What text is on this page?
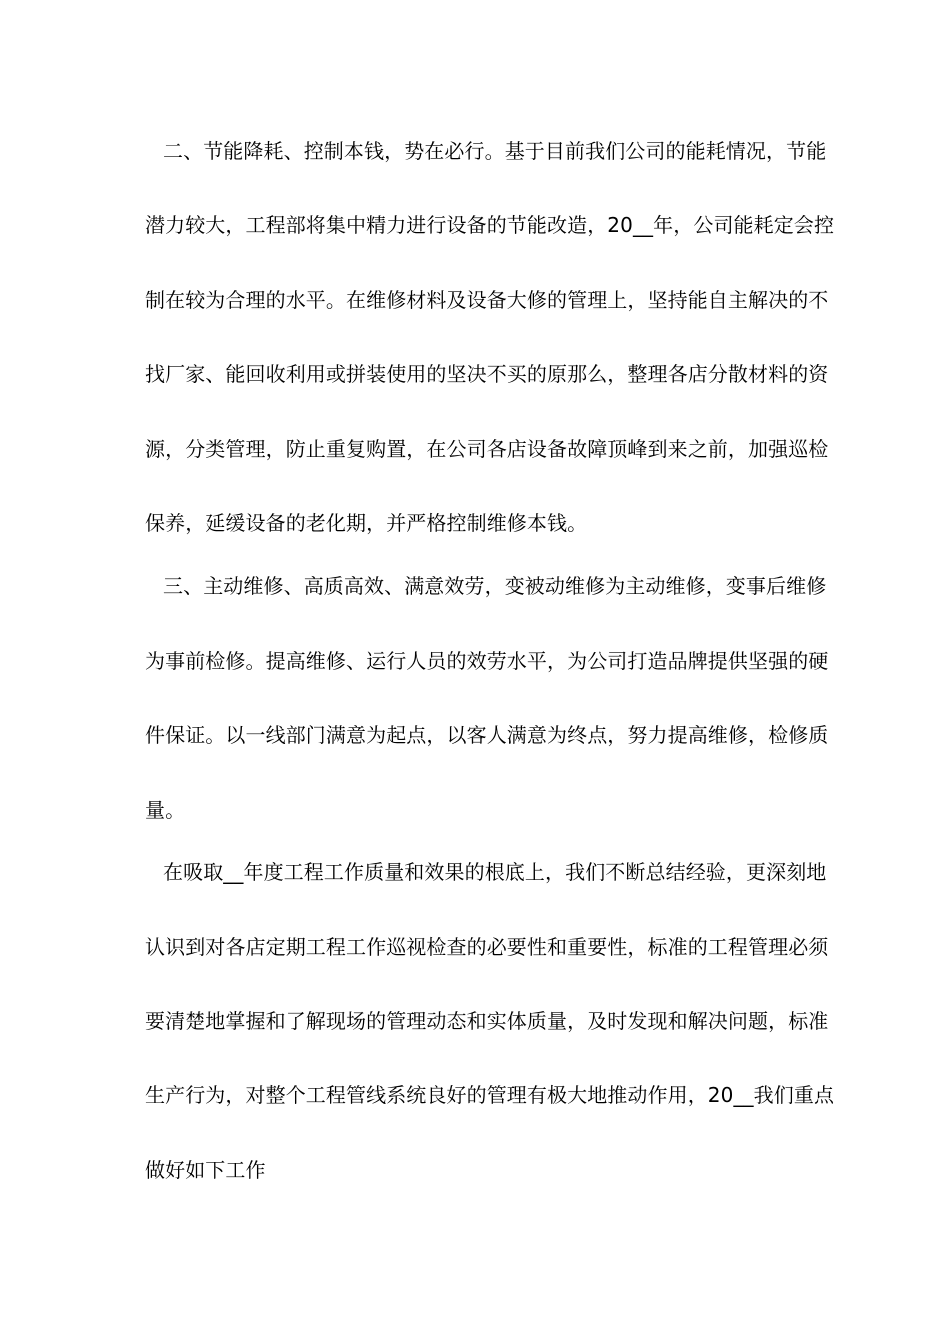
二、节能降耗、控制本钱，势在必行。基于目前我们公司的能耗情况，节能
潜力较大，工程部将集中精力进行设备的节能改造，20__年，公司能耗定会控
制在较为合理的水平。在维修材料及设备大修的管理上，坚持能自主解决的不
找厂家、能回收利用或拼装使用的坚决不买的原那么，整理各店分散材料的资
源，分类管理，防止重复购置，在公司各店设备故障顶峰到来之前，加强巡检
保养，延缓设备的老化期，并严格控制维修本钱。
三、主动维修、高质高效、满意效劳，变被动维修为主动维修，变事后维修
为事前检修。提高维修、运行人员的效劳水平，为公司打造品牌提供坚强的硬
件保证。以一线部门满意为起点，以客人满意为终点，努力提高维修，检修质
量。
在吸取__年度工程工作质量和效果的根底上，我们不断总结经验，更深刻地
认识到对各店定期工程工作巡视检查的必要性和重要性，标准的工程管理必须
要清楚地掌握和了解现场的管理动态和实体质量，及时发现和解决问题，标准
生产行为，对整个工程管线系统良好的管理有极大地推动作用，20__我们重点
做好如下工作
